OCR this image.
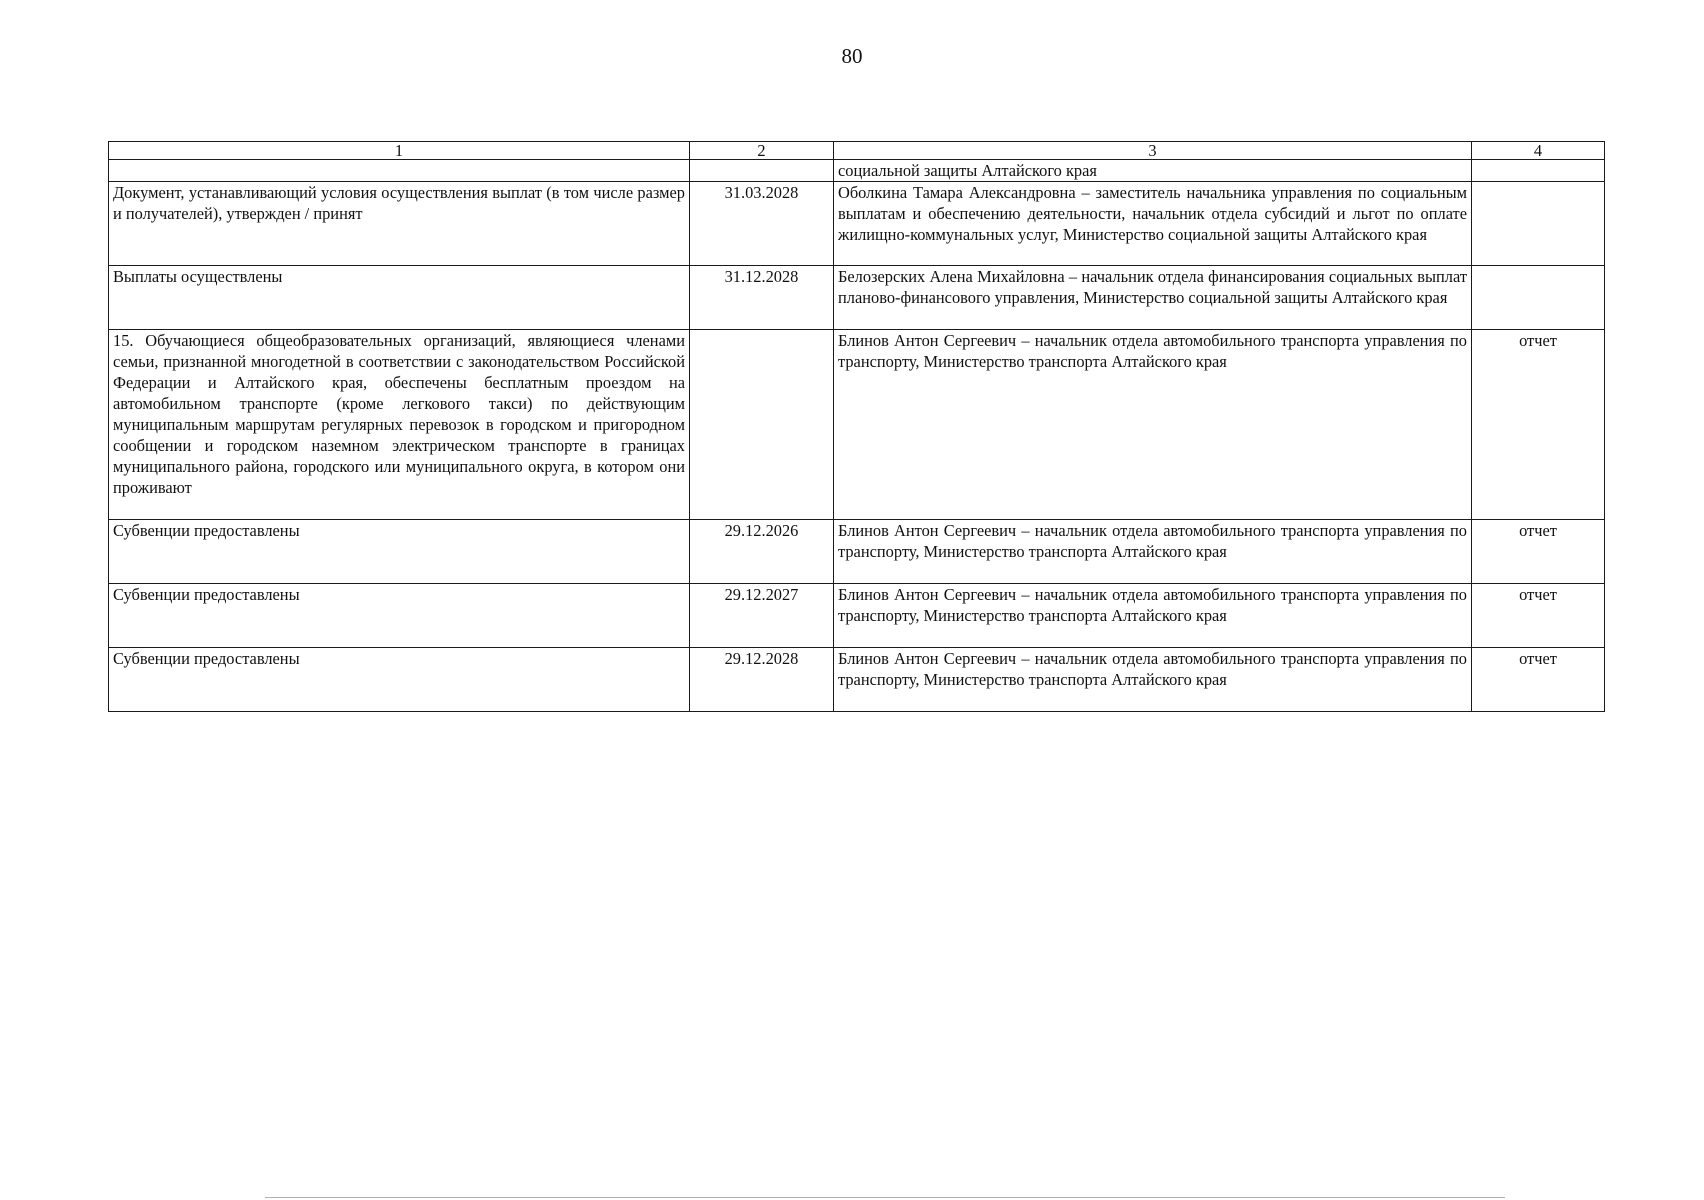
80
1	2	3	4
		социальной защиты Алтайского края	
Документ, устанавливающий условия осуществления выплат (в том числе размер и получателей), утвержден / принят	31.03.2028	Оболкина Тамара Александровна – заместитель начальника управления по социальным выплатам и обеспечению деятельности, начальник отдела субсидий и льгот по оплате жилищно-коммунальных услуг, Министерство социальной защиты Алтайского края	
Выплаты осуществлены	31.12.2028	Белозерских Алена Михайловна – начальник отдела финансирования социальных выплат планово-финансового управления, Министерство социальной защиты Алтайского края	
15. Обучающиеся общеобразовательных организаций, являющиеся членами семьи, признанной многодетной в соответствии с законодательством Российской Федерации и Алтайского края, обеспечены бесплатным проездом на автомобильном транспорте (кроме легкового такси) по действующим муниципальным маршрутам регулярных перевозок в городском и пригородном сообщении и городском наземном электрическом транспорте в границах муниципального района, городского или муниципального округа, в котором они проживают		Блинов Антон Сергеевич – начальник отдела автомобильного транспорта управления по транспорту, Министерство транспорта Алтайского края	отчет
Субвенции предоставлены	29.12.2026	Блинов Антон Сергеевич – начальник отдела автомобильного транспорта управления по транспорту, Министерство транспорта Алтайского края	отчет
Субвенции предоставлены	29.12.2027	Блинов Антон Сергеевич – начальник отдела автомобильного транспорта управления по транспорту, Министерство транспорта Алтайского края	отчет
Субвенции предоставлены	29.12.2028	Блинов Антон Сергеевич – начальник отдела автомобильного транспорта управления по транспорту, Министерство транспорта Алтайского края	отчет
